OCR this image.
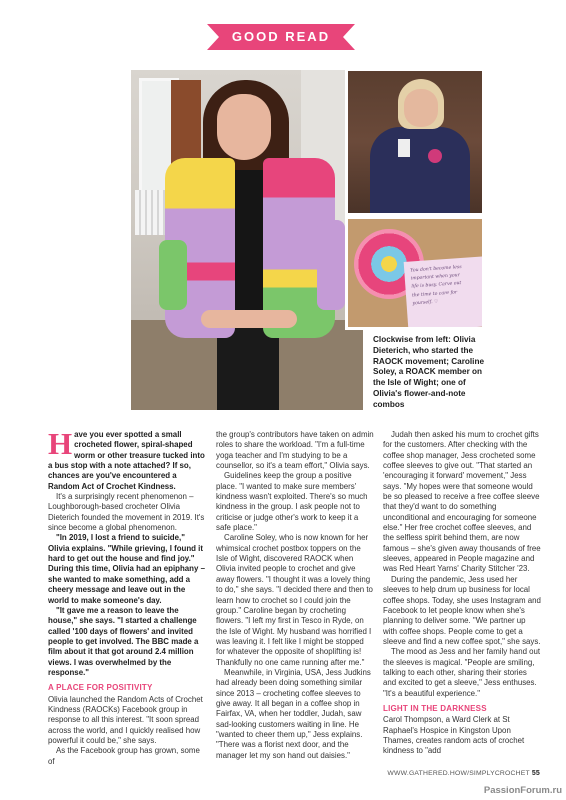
GOOD READ
You don't become less
important when your
life is busy. Carve out
the time to care for
yourself. ♡
Clockwise from left: Olivia Dieterich, who started the RAOCK movement; Caroline Soley, a ROACK member on the Isle of Wight; one of Olivia's flower-and-note combos

Have you ever spotted a small crocheted flower, spiral-shaped worm or other treasure tucked into a bus stop with a note attached? If so, chances are you've encountered a Random Act of Crochet Kindness.

It's a surprisingly recent phenomenon – Loughborough-based crocheter Olivia Dieterich founded the movement in 2019. It's since become a global phenomenon.

"In 2019, I lost a friend to suicide," Olivia explains. "While grieving, I found it hard to get out the house and find joy." During this time, Olivia had an epiphany – she wanted to make something, add a cheery message and leave out in the world to make someone's day.

"It gave me a reason to leave the house," she says. "I started a challenge called '100 days of flowers' and invited people to get involved. The BBC made a film about it that got around 2.4 million views. I was overwhelmed by the response."

A PLACE FOR POSITIVITY

Olivia launched the Random Acts of Crochet Kindness (RAOCKs) Facebook group in response to all this interest. "It soon spread across the world, and I quickly realised how powerful it could be," she says.

As the Facebook group has grown, some of

the group's contributors have taken on admin roles to share the workload. "I'm a full-time yoga teacher and I'm studying to be a counsellor, so it's a team effort," Olivia says.

Guidelines keep the group a positive place. "I wanted to make sure members' kindness wasn't exploited. There's so much kindness in the group. I ask people not to criticise or judge other's work to keep it a safe place."

Caroline Soley, who is now known for her whimsical crochet postbox toppers on the Isle of Wight, discovered RAOCK when Olivia invited people to crochet and give away flowers. "I thought it was a lovely thing to do," she says. "I decided there and then to learn how to crochet so I could join the group." Caroline began by crocheting flowers. "I left my first in Tesco in Ryde, on the Isle of Wight. My husband was horrified I was leaving it. I felt like I might be stopped for whatever the opposite of shoplifting is! Thankfully no one came running after me."

Meanwhile, in Virginia, USA, Jess Judkins had already been doing something similar since 2013 – crocheting coffee sleeves to give away. It all began in a coffee shop in Fairfax, VA, when her toddler, Judah, saw sad-looking customers waiting in line. He "wanted to cheer them up," Jess explains. "There was a florist next door, and the manager let my son hand out daisies."

Judah then asked his mum to crochet gifts for the customers. After checking with the coffee shop manager, Jess crocheted some coffee sleeves to give out. "That started an 'encouraging it forward' movement," Jess says. "My hopes were that someone would be so pleased to receive a free coffee sleeve that they'd want to do something unconditional and encouraging for someone else." Her free crochet coffee sleeves, and the selfless spirit behind them, are now famous – she's given away thousands of free sleeves, appeared in People magazine and was Red Heart Yarns' Charity Stitcher '23.

During the pandemic, Jess used her sleeves to help drum up business for local coffee shops. Today, she uses Instagram and Facebook to let people know when she's planning to deliver some. "We partner up with coffee shops. People come to get a sleeve and find a new coffee spot," she says.

The mood as Jess and her family hand out the sleeves is magical. "People are smiling, talking to each other, sharing their stories and excited to get a sleeve," Jess enthuses. "It's a beautiful experience."

LIGHT IN THE DARKNESS

Carol Thompson, a Ward Clerk at St Raphael's Hospice in Kingston Upon Thames, creates random acts of crochet kindness to "add

WWW.GATHERED.HOW/SIMPLYCROCHET 55
PassionForum.ru
